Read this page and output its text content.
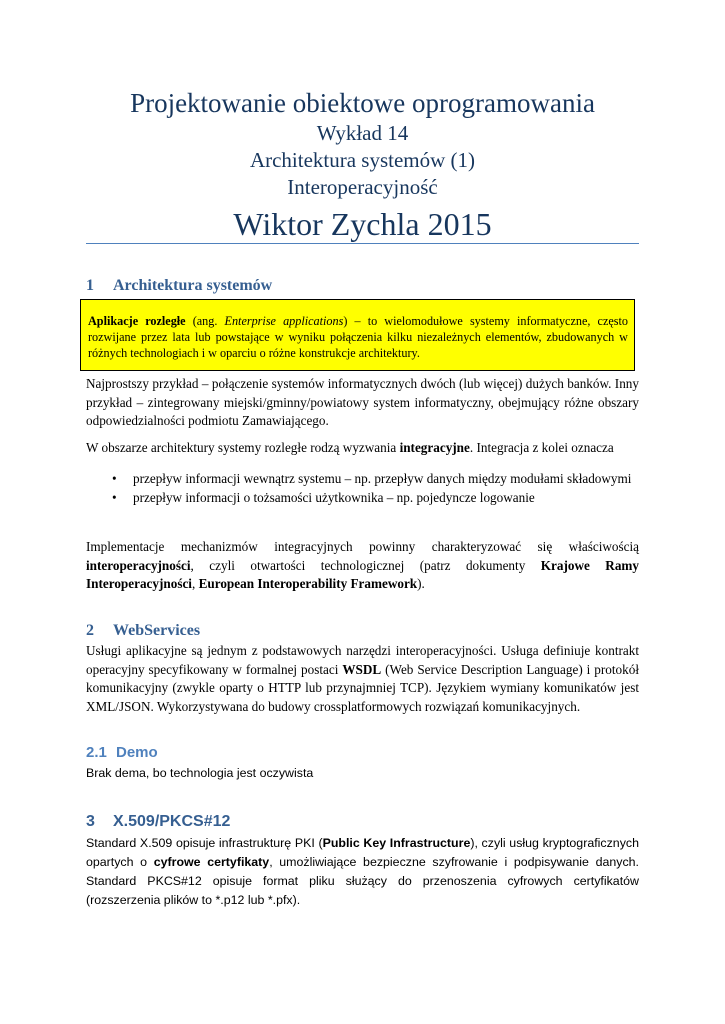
Projektowanie obiektowe oprogramowania
Wykład 14
Architektura systemów (1)
Interoperacyjność
Wiktor Zychla 2015
1 Architektura systemów
Aplikacje rozległe (ang. Enterprise applications) – to wielomodułowe systemy informatyczne, często rozwijane przez lata lub powstające w wyniku połączenia kilku niezależnych elementów, zbudowanych w różnych technologiach i w oparciu o różne konstrukcje architektury.
Najprostszy przykład – połączenie systemów informatycznych dwóch (lub więcej) dużych banków. Inny przykład – zintegrowany miejski/gminny/powiatowy system informatyczny, obejmujący różne obszary odpowiedzialności podmiotu Zamawiającego.
W obszarze architektury systemy rozległe rodzą wyzwania integracyjne. Integracja z kolei oznacza
• przepływ informacji wewnątrz systemu – np. przepływ danych między modułami składowymi
• przepływ informacji o tożsamości użytkownika – np. pojedyncze logowanie
Implementacje mechanizmów integracyjnych powinny charakteryzować się właściwością interoperacyjności, czyli otwartości technologicznej (patrz dokumenty Krajowe Ramy Interoperacyjności, European Interoperability Framework).
2 WebServices
Usługi aplikacyjne są jednym z podstawowych narzędzi interoperacyjności. Usługa definiuje kontrakt operacyjny specyfikowany w formalnej postaci WSDL (Web Service Description Language) i protokół komunikacyjny (zwykle oparty o HTTP lub przynajmniej TCP). Językiem wymiany komunikatów jest XML/JSON. Wykorzystywana do budowy crossplatformowych rozwiązań komunikacyjnych.
2.1 Demo
Brak dema, bo technologia jest oczywista
3 X.509/PKCS#12
Standard X.509 opisuje infrastrukturę PKI (Public Key Infrastructure), czyli usług kryptograficznych opartych o cyfrowe certyfikaty, umożliwiające bezpieczne szyfrowanie i podpisywanie danych. Standard PKCS#12 opisuje format pliku służący do przenoszenia cyfrowych certyfikatów (rozszerzenia plików to *.p12 lub *.pfx).
